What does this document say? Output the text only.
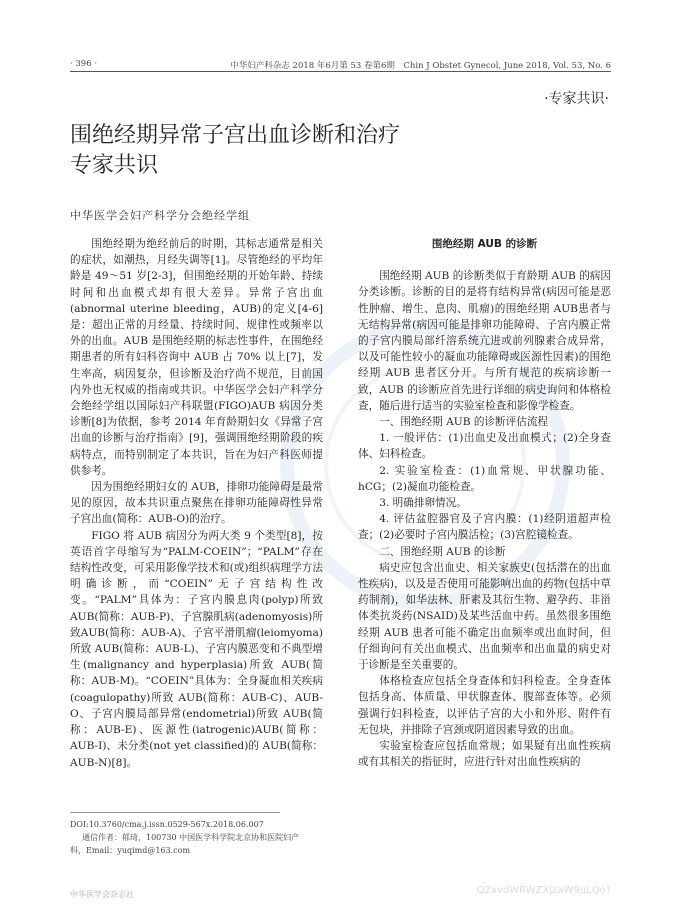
· 396 ·	中华妇产科杂志 2018 年6月第 53 卷第6期　Chin J Obstet Gynecol, June 2018, Vol. 53, No. 6
·专家共识·
围绝经期异常子宫出血诊断和治疗
专家共识
中华医学会妇产科学分会绝经学组

围绝经期为绝经前后的时期，其标志通常是相关的症状，如潮热，月经失调等[1]。尽管绝经的平均年龄是 49～51 岁[2-3]，但围绝经期的开始年龄、持续时间和出血模式却有很大差异。异常子宫出血(abnormal uterine bleeding，AUB)的定义[4-6]是：超出正常的月经量、持续时间、规律性或频率以外的出血。AUB 是围绝经期的标志性事件，在围绝经期患者的所有妇科咨询中 AUB 占 70% 以上[7]，发生率高，病因复杂，但诊断及治疗尚不规范，目前国内外也无权威的指南或共识。中华医学会妇产科学分会绝经学组以国际妇产科联盟(FIGO)AUB 病因分类诊断[8]为依据，参考 2014 年育龄期妇女《异常子宫出血的诊断与治疗指南》[9]，强调围绝经期阶段的疾病特点，而特别制定了本共识，旨在为妇产科医师提供参考。

因为围绝经期妇女的 AUB，排卵功能障碍是最常见的原因，故本共识重点聚焦在排卵功能障碍性异常子宫出血(简称：AUB-O)的治疗。

FIGO 将 AUB 病因分为两大类 9 个类型[8]，按英语首字母缩写为“PALM-COEIN”；“PALM”存在结构性改变，可采用影像学技术和(或)组织病理学方法明确诊断，而“COEIN”无子宫结构性改变。“PALM”具体为：子宫内膜息肉(polyp)所致 AUB(简称：AUB-P)、子宫腺肌病(adenomyosis)所致AUB(简称：AUB-A)、子宫平滑肌瘤(leiomyoma)所致 AUB(简称：AUB-L)、子宫内膜恶变和不典型增生(malignancy and hyperplasia)所致 AUB(简称：AUB-M)。“COEIN”具体为：全身凝血相关疾病(coagulopathy)所致 AUB(简称：AUB-C)、AUB-O、子宫内膜局部异常(endometrial)所致 AUB(简称：AUB-E)、医源性(iatrogenic)AUB(简称：AUB-I)、未分类(not yet classified)的 AUB(简称：AUB-N)[8]。

围绝经期 AUB 的诊断

围绝经期 AUB 的诊断类似于育龄期 AUB 的病因分类诊断。诊断的目的是将有结构异常(病因可能是恶性肿瘤、增生、息肉、肌瘤)的围绝经期 AUB患者与无结构异常(病因可能是排卵功能障碍、子宫内膜正常的子宫内膜局部纤溶系统亢进或前列腺素合成异常，以及可能性较小的凝血功能障碍或医源性因素)的围绝经期 AUB 患者区分开。与所有规范的疾病诊断一致，AUB 的诊断应首先进行详细的病史询问和体格检查，随后进行适当的实验室检查和影像学检查。

一、围绝经期 AUB 的诊断评估流程

1. 一般评估：(1)出血史及出血模式；(2)全身查体、妇科检查。

2. 实验室检查：(1)血常规、甲状腺功能、hCG；(2)凝血功能检查。

3. 明确排卵情况。

4. 评估盆腔器官及子宫内膜：(1)经阴道超声检查；(2)必要时子宫内膜活检；(3)宫腔镜检查。

二、围绝经期 AUB 的诊断

病史应包含出血史、相关家族史(包括潜在的出血性疾病)，以及是否使用可能影响出血的药物(包括中草药制剂)，如华法林、肝素及其衍生物、避孕药、非甾体类抗炎药(NSAID)及某些活血中药。虽然很多围绝经期 AUB 患者可能不确定出血频率或出血时间，但仔细询问有关出血模式、出血频率和出血量的病史对于诊断是至关重要的。

体格检查应包括全身查体和妇科检查。全身查体包括身高、体质量、甲状腺查体、腹部查体等。必须强调行妇科检查，以评估子宫的大小和外形、附件有无包块，并排除子宫颈或阴道因素导致的出血。

实验室检查应包括血常规；如果疑有出血性疾病或有其相关的指征时，应进行针对出血性疾病的

DOI:10.3760/cma.j.issn.0529-567x.2018.06.007
通信作者：郁琦，100730 中国医学科学院北京协和医院妇产
科，Email：yuqimd@163.com
中华医学会杂志社	Q2xvdWRWZXJzaW9uLQo?
